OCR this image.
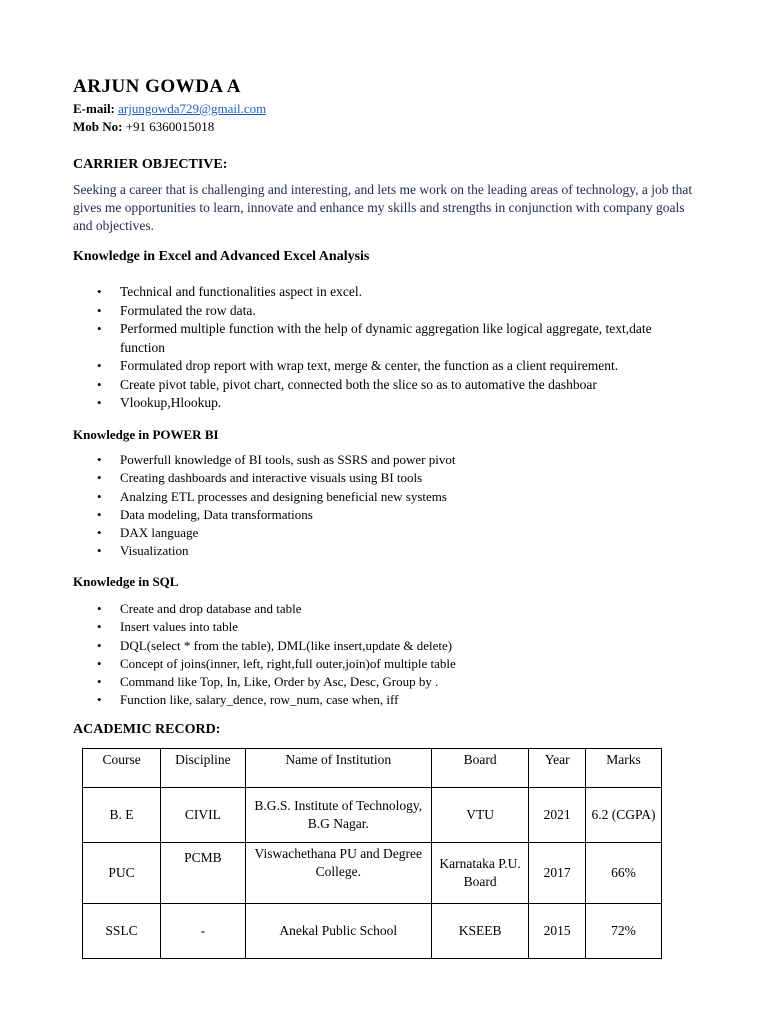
ARJUN GOWDA A
E-mail: arjungowda729@gmail.com
Mob No: +91 6360015018
CARRIER OBJECTIVE:
Seeking a career that is challenging and interesting, and lets me work on the leading areas of technology, a job that gives me opportunities to learn, innovate and enhance my skills and strengths in conjunction with company goals and objectives.
Knowledge in Excel and Advanced Excel Analysis
• Technical and functionalities aspect in excel.
• Formulated the row data.
• Performed multiple function with the help of dynamic aggregation like logical aggregate, text,date function
• Formulated drop report with wrap text, merge & center, the function as a client requirement.
• Create pivot table, pivot chart, connected both the slice so as to automative the dashboar
• Vlookup,Hlookup.
Knowledge in POWER BI
• Powerfull knowledge of BI tools, sush as SSRS and power pivot
• Creating dashboards and interactive visuals using BI tools
• Analzing ETL processes and designing beneficial new systems
• Data modeling, Data transformations
• DAX language
• Visualization
Knowledge in SQL
• Create and drop database and table
• Insert values into table
• DQL(select * from the table), DML(like insert,update & delete)
• Concept of joins(inner, left, right,full outer,join)of multiple table
• Command like Top, In, Like, Order by Asc, Desc, Group by .
• Function like, salary_dence, row_num, case when, iff
ACADEMIC RECORD:
Course	Discipline	Name of Institution	Board	Year	Marks
B. E	CIVIL	B.G.S. Institute of Technology, B.G Nagar.	VTU	2021	6.2 (CGPA)
PUC	PCMB	Viswachethana PU and Degree College.	Karnataka P.U. Board	2017	66%
SSLC	-	Anekal Public School	KSEEB	2015	72%
